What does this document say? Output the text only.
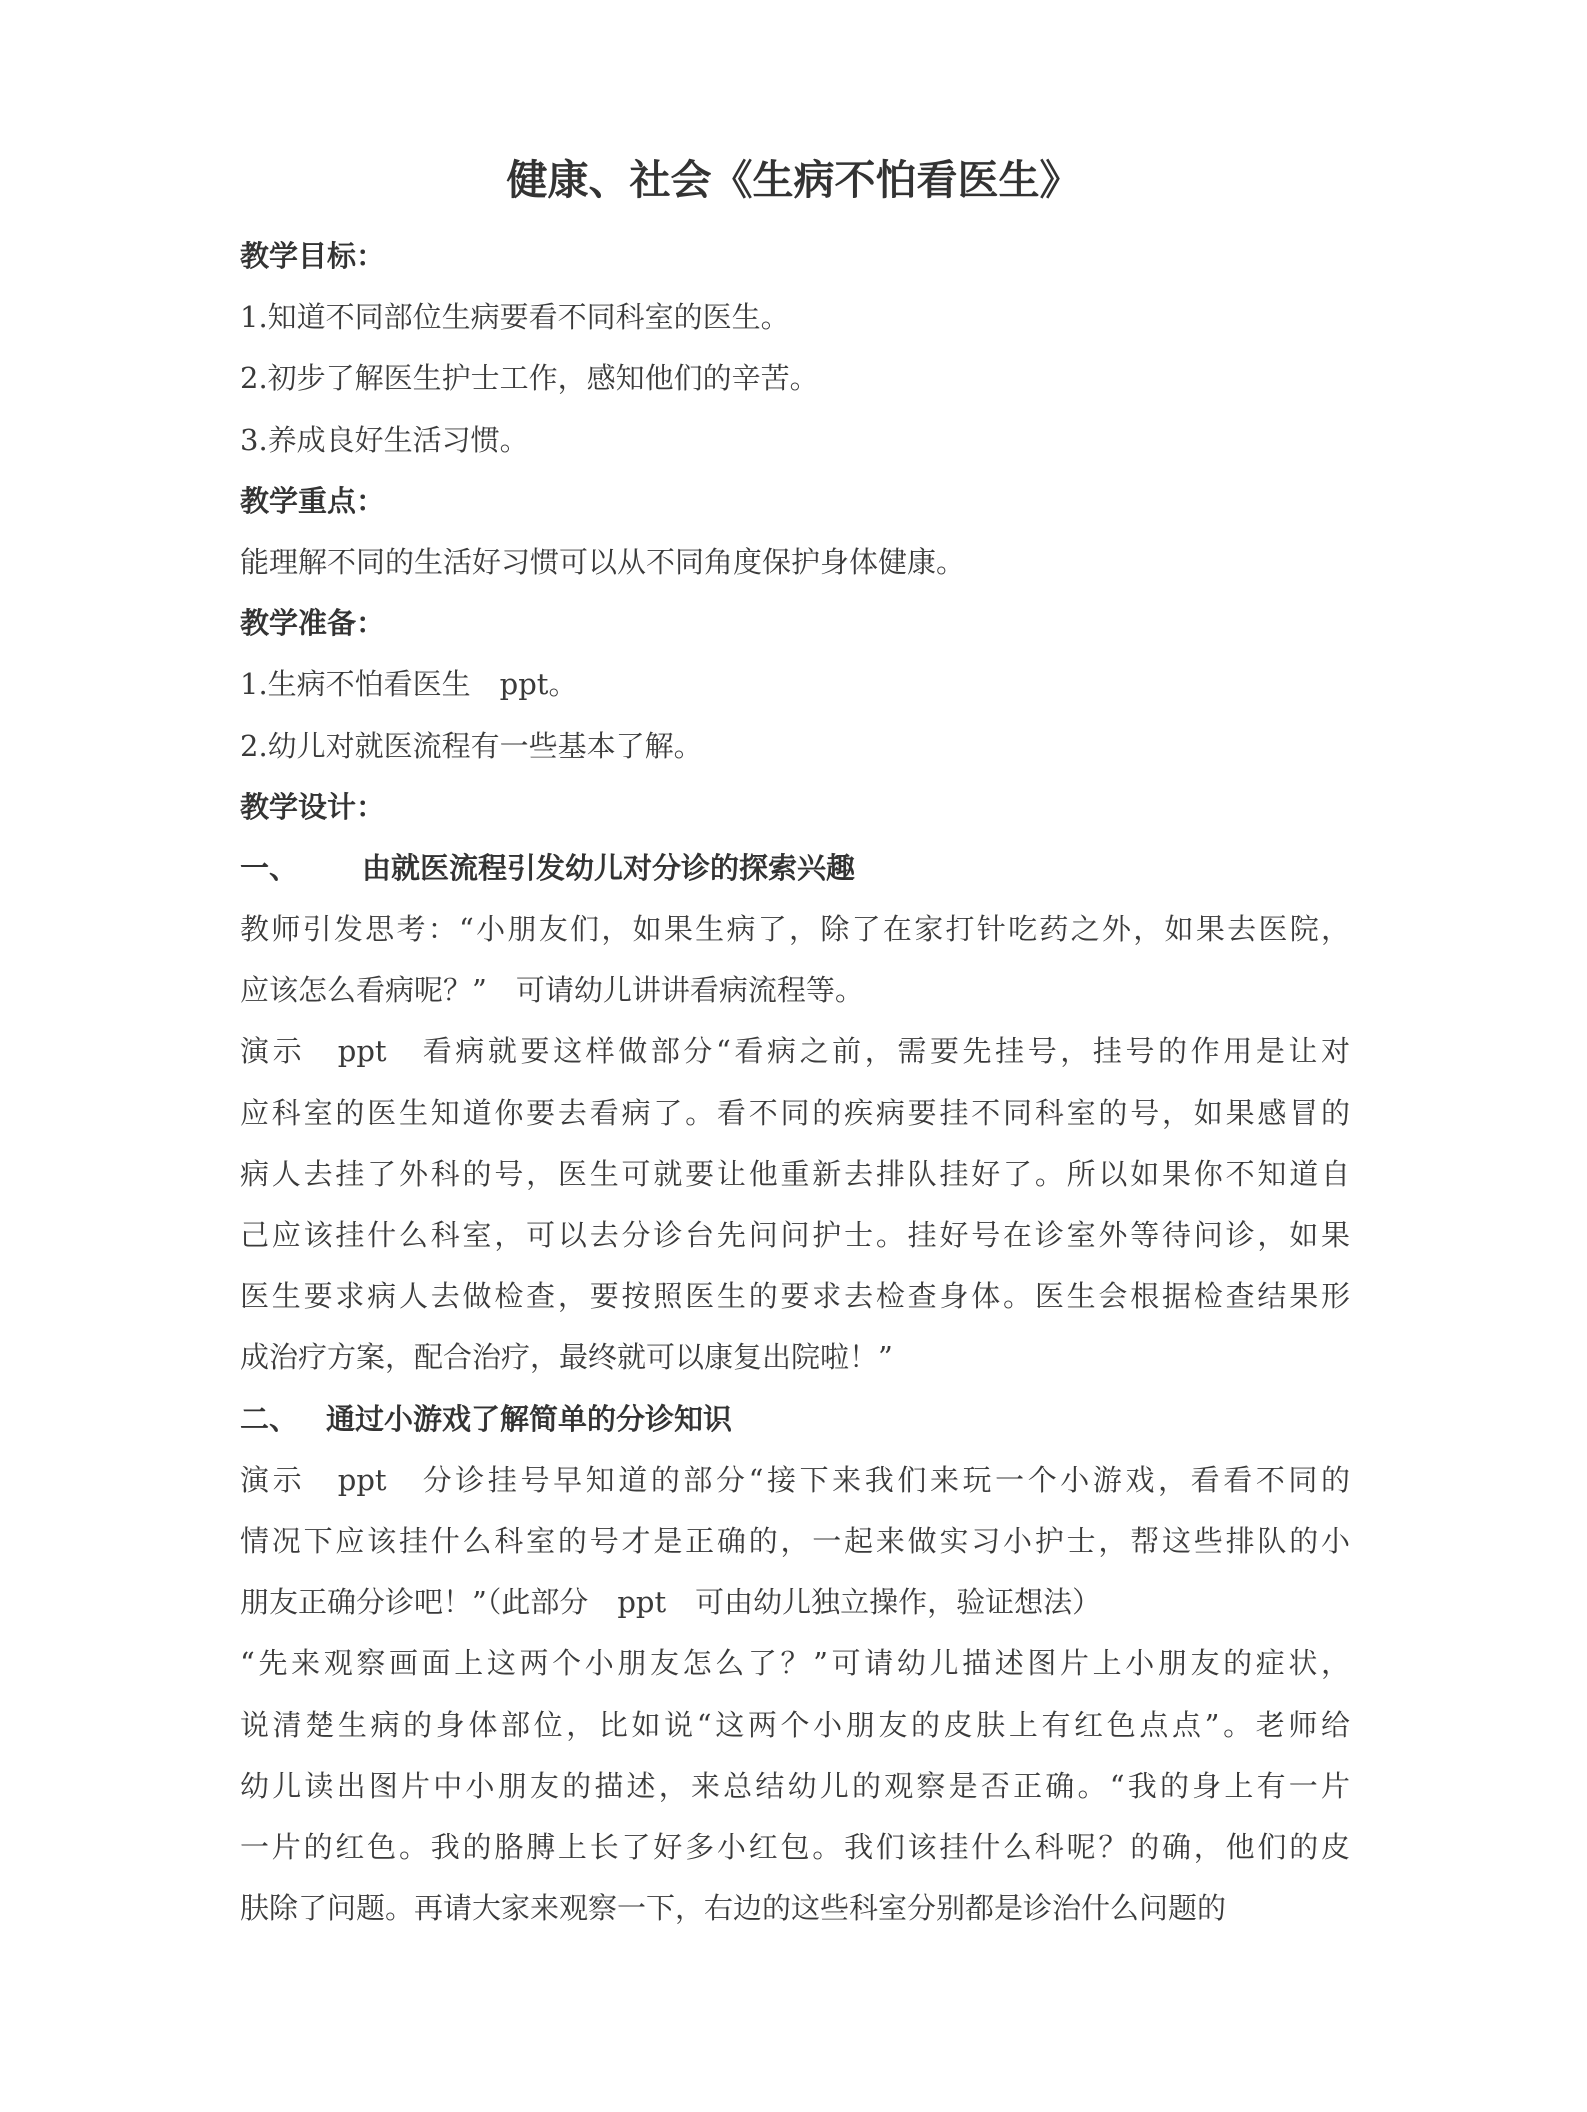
健康、社会《生病不怕看医生》
教学目标：
1.知道不同部位生病要看不同科室的医生。
2.初步了解医生护士工作，感知他们的辛苦。
3.养成良好生活习惯。
教学重点：
能理解不同的生活好习惯可以从不同角度保护身体健康。
教学准备：
1.生病不怕看医生　ppt。
2.幼儿对就医流程有一些基本了解。
教学设计：
一、 由就医流程引发幼儿对分诊的探索兴趣
教师引发思考：“小朋友们，如果生病了，除了在家打针吃药之外，如果去医院，
应该怎么看病呢？”　可请幼儿讲讲看病流程等。
演示　ppt　看病就要这样做部分“看病之前，需要先挂号，挂号的作用是让对
应科室的医生知道你要去看病了。看不同的疾病要挂不同科室的号，如果感冒的
病人去挂了外科的号，医生可就要让他重新去排队挂好了。所以如果你不知道自
己应该挂什么科室，可以去分诊台先问问护士。挂好号在诊室外等待问诊，如果
医生要求病人去做检查，要按照医生的要求去检查身体。医生会根据检查结果形
成治疗方案，配合治疗，最终就可以康复出院啦！”
二、 通过小游戏了解简单的分诊知识
演示　ppt　分诊挂号早知道的部分“接下来我们来玩一个小游戏，看看不同的
情况下应该挂什么科室的号才是正确的，一起来做实习小护士，帮这些排队的小
朋友正确分诊吧！”（此部分　ppt　可由幼儿独立操作，验证想法）
“先来观察画面上这两个小朋友怎么了？”可请幼儿描述图片上小朋友的症状，
说清楚生病的身体部位，比如说“这两个小朋友的皮肤上有红色点点”。老师给
幼儿读出图片中小朋友的描述，来总结幼儿的观察是否正确。“我的身上有一片
一片的红色。我的胳膊上长了好多小红包。我们该挂什么科呢？的确，他们的皮
肤除了问题。再请大家来观察一下，右边的这些科室分别都是诊治什么问题的
